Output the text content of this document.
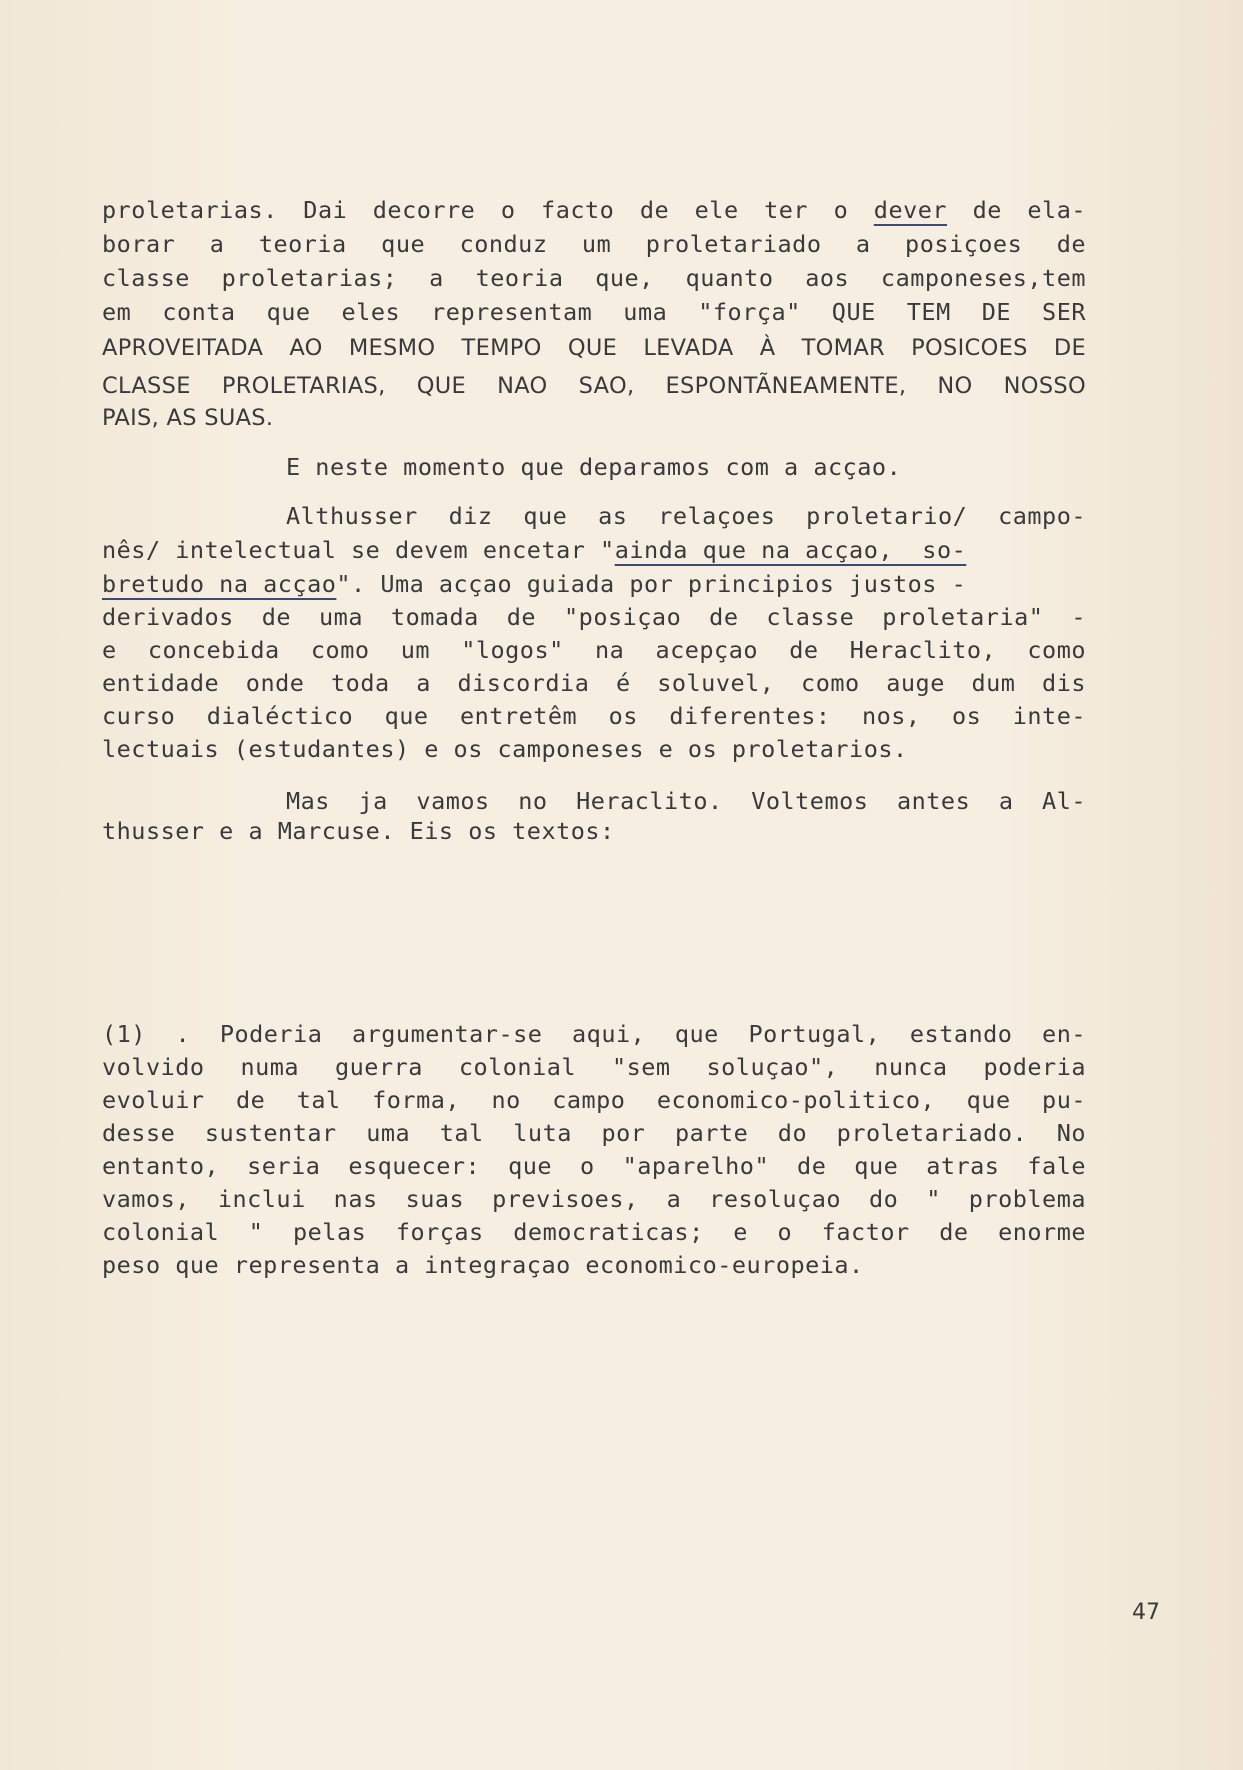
proletarias. Dai decorre o facto de ele ter o dever de ela-
borar a teoria que conduz um proletariado a posiçoes de
classe proletarias; a teoria que, quanto aos camponeses,tem
em conta que eles representam uma "força" QUE TEM DE SER
APROVEITADA AO MESMO TEMPO QUE LEVADA À TOMAR POSICOES DE
CLASSE PROLETARIAS, QUE NAO SAO, ESPONTÃNEAMENTE, NO NOSSO
PAIS, AS SUAS.
E neste momento que deparamos com a acçao.
Althusser diz que as relaçoes proletario/ campo-
nês/ intelectual se devem encetar "ainda que na acçao,  so-
bretudo na acçao". Uma acçao guiada por principios justos -
derivados de uma tomada de "posiçao de classe proletaria" -
e concebida como um "logos" na acepçao de Heraclito, como
entidade onde toda a discordia é soluvel, como auge dum dis
curso dialéctico que entretêm os diferentes: nos, os inte-
lectuais (estudantes) e os camponeses e os proletarios.
Mas ja vamos no Heraclito. Voltemos antes a Al-
thusser e a Marcuse. Eis os textos:
(1) . Poderia argumentar-se aqui, que Portugal, estando en-
volvido numa guerra colonial "sem soluçao", nunca poderia
evoluir de tal forma, no campo economico-politico, que pu-
desse sustentar uma tal luta por parte do proletariado. No
entanto, seria esquecer: que o "aparelho" de que atras fale
vamos, inclui nas suas previsoes, a resoluçao do " problema
colonial " pelas forças democraticas; e o factor de enorme
peso que representa a integraçao economico-europeia.
47
